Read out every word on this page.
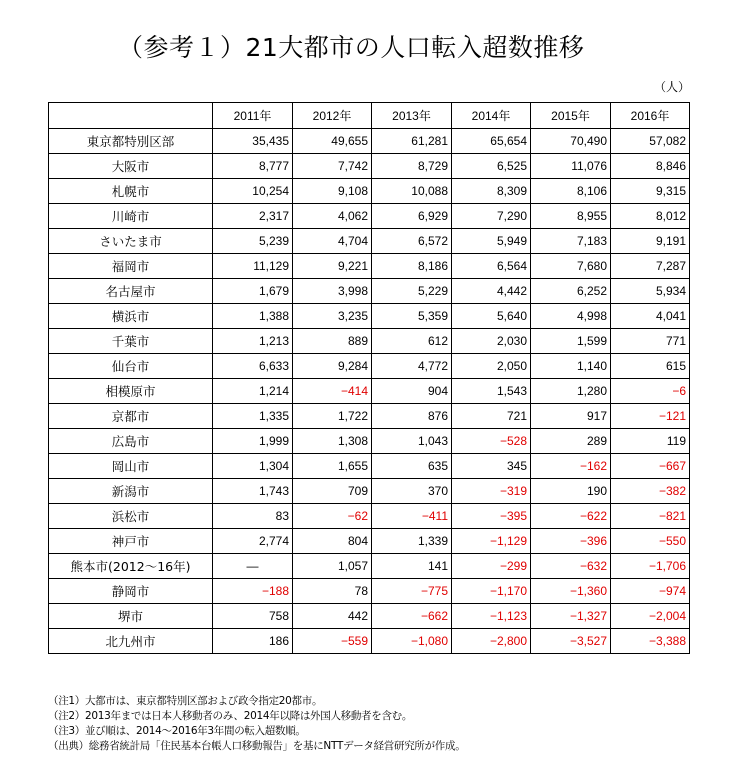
（参考１）21大都市の人口転入超数推移
（人）
	2011年	2012年	2013年	2014年	2015年	2016年
東京都特別区部	35,435	49,655	61,281	65,654	70,490	57,082
大阪市	8,777	7,742	8,729	6,525	11,076	8,846
札幌市	10,254	9,108	10,088	8,309	8,106	9,315
川崎市	2,317	4,062	6,929	7,290	8,955	8,012
さいたま市	5,239	4,704	6,572	5,949	7,183	9,191
福岡市	11,129	9,221	8,186	6,564	7,680	7,287
名古屋市	1,679	3,998	5,229	4,442	6,252	5,934
横浜市	1,388	3,235	5,359	5,640	4,998	4,041
千葉市	1,213	889	612	2,030	1,599	771
仙台市	6,633	9,284	4,772	2,050	1,140	615
相模原市	1,214	−414	904	1,543	1,280	−6
京都市	1,335	1,722	876	721	917	−121
広島市	1,999	1,308	1,043	−528	289	119
岡山市	1,304	1,655	635	345	−162	−667
新潟市	1,743	709	370	−319	190	−382
浜松市	83	−62	−411	−395	−622	−821
神戸市	2,774	804	1,339	−1,129	−396	−550
熊本市(2012～16年)	―	1,057	141	−299	−632	−1,706
静岡市	−188	78	−775	−1,170	−1,360	−974
堺市	758	442	−662	−1,123	−1,327	−2,004
北九州市	186	−559	−1,080	−2,800	−3,527	−3,388
（注1）大都市は、東京都特別区部および政令指定20都市。
（注2）2013年までは日本人移動者のみ、2014年以降は外国人移動者を含む。
（注3）並び順は、2014～2016年3年間の転入超数順。
（出典）総務省統計局「住民基本台帳人口移動報告」を基にNTTデータ経営研究所が作成。
